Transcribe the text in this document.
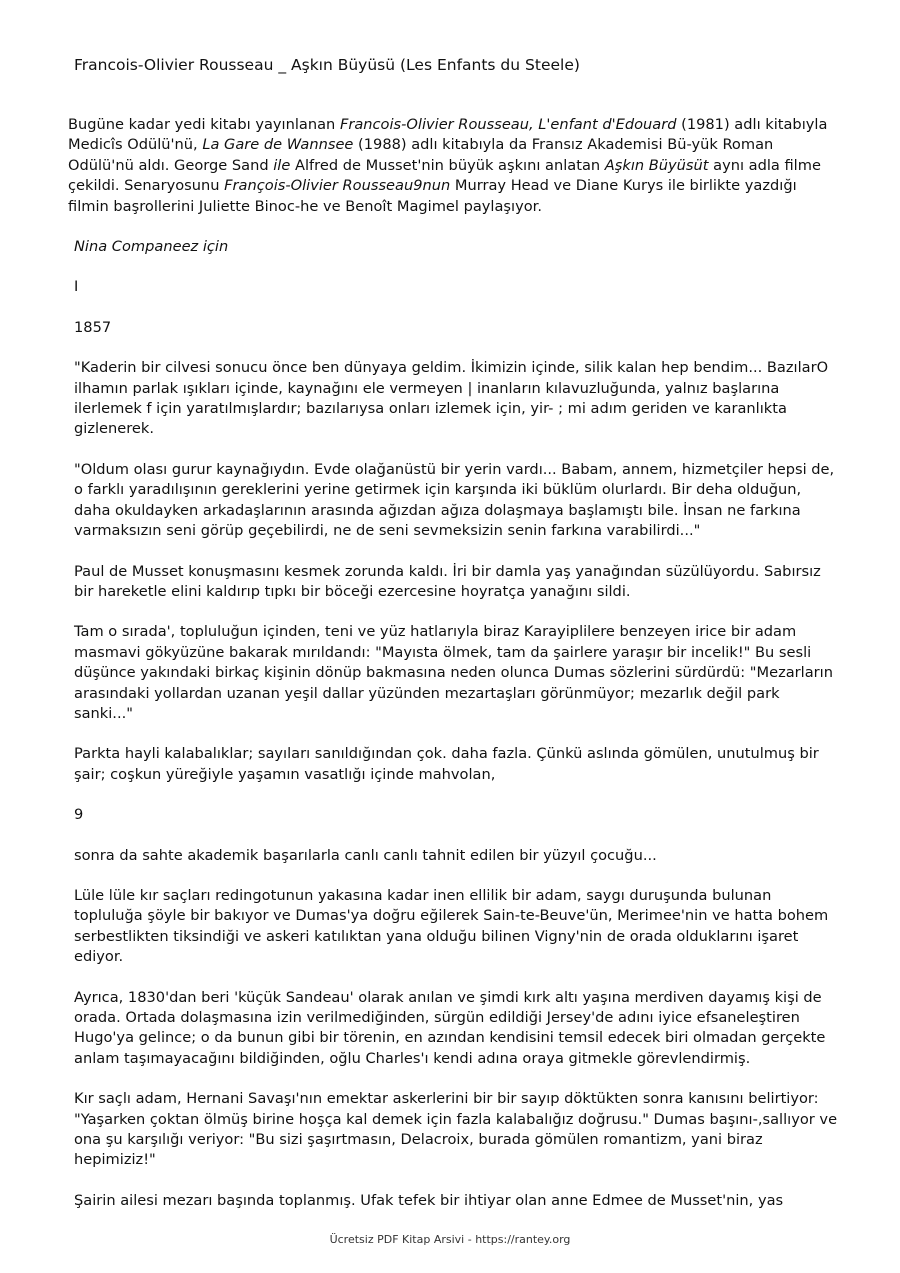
Francois-Olivier Rousseau _ Aşkın Büyüsü (Les Enfants du Steele)

Bugüne kadar yedi kitabı yayınlanan Francois-Olivier Rousseau, L'enfant d'Edouard (1981) adlı kitabıyla Medicîs Odülü'nü, La Gare de Wannsee (1988) adlı kitabıyla da Fransız Akademisi Bü-yük Roman Odülü'nü aldı. George Sand ile Alfred de Musset'nin büyük aşkını anlatan Aşkın Büyüsüt aynı adla filme çekildi. Senaryosunu François-Olivier Rousseau9nun Murray Head ve Diane Kurys ile birlikte yazdığı filmin başrollerini Juliette Binoc-he ve Benoît Magimel paylaşıyor.

Nina Companeez için

I

1857

"Kaderin bir cilvesi sonucu önce ben dünyaya geldim. İkimizin içinde, silik kalan hep bendim... BazılarO ilhamın parlak ışıkları içinde, kaynağını ele vermeyen | inanların kılavuzluğunda, yalnız başlarına ilerlemek f için yaratılmışlardır; bazılarıysa onları izlemek için, yir- ; mi adım geriden ve karanlıkta gizlenerek.

"Oldum olası gurur kaynağıydın. Evde olağanüstü bir yerin vardı... Babam, annem, hizmetçiler hepsi de, o farklı yaradılışının gereklerini yerine getirmek için karşında iki büklüm olurlardı. Bir deha olduğun, daha okuldayken arkadaşlarının arasında ağızdan ağıza dolaşmaya başlamıştı bile. İnsan ne farkına varmaksızın seni görüp geçebilirdi, ne de seni sevmeksizin senin farkına varabilirdi..."

Paul de Musset konuşmasını kesmek zorunda kaldı. İri bir damla yaş yanağından süzülüyordu. Sabırsız bir hareketle elini kaldırıp tıpkı bir böceği ezercesine hoyratça yanağını sildi.

Tam o sırada', topluluğun içinden, teni ve yüz hatlarıyla biraz Karayiplilere benzeyen irice bir adam masmavi gökyüzüne bakarak mırıldandı: "Mayısta ölmek, tam da şairlere yaraşır bir incelik!" Bu sesli düşünce yakındaki birkaç kişinin dönüp bakmasına neden olunca Dumas sözlerini sürdürdü: "Mezarların arasındaki yollardan uzanan yeşil dallar yüzünden mezartaşları görünmüyor; mezarlık değil park sanki..."

Parkta hayli kalabalıklar; sayıları sanıldığından çok. daha fazla. Çünkü aslında gömülen, unutulmuş bir şair; coşkun yüreğiyle yaşamın vasatlığı içinde mahvolan,

9

sonra da sahte akademik başarılarla canlı canlı tahnit edilen bir yüzyıl çocuğu...

Lüle lüle kır saçları redingotunun yakasına kadar inen ellilik bir adam, saygı duruşunda bulunan topluluğa şöyle bir bakıyor ve Dumas'ya doğru eğilerek Sain-te-Beuve'ün, Merimee'nin ve hatta bohem serbestlikten tiksindiği ve askeri katılıktan yana olduğu bilinen Vigny'nin de orada olduklarını işaret ediyor.

Ayrıca, 1830'dan beri 'küçük Sandeau' olarak anılan ve şimdi kırk altı yaşına merdiven dayamış kişi de orada. Ortada dolaşmasına izin verilmediğinden, sürgün edildiği Jersey'de adını iyice efsaneleştiren Hugo'ya gelince; o da bunun gibi bir törenin, en azından kendisini temsil edecek biri olmadan gerçekte anlam taşımayacağını bildiğinden, oğlu Charles'ı kendi adına oraya gitmekle görevlendirmiş.

Kır saçlı adam, Hernani Savaşı'nın emektar askerlerini bir bir sayıp döktükten sonra kanısını belirtiyor: "Yaşarken çoktan ölmüş birine hoşça kal demek için fazla kalabalığız doğrusu." Dumas başını-,sallıyor ve ona şu karşılığı veriyor: "Bu sizi şaşırtmasın, Delacroix, burada gömülen romantizm, yani biraz hepimiziz!"

Şairin ailesi mezarı başında toplanmış. Ufak tefek bir ihtiyar olan anne Edmee de Musset'nin, yas

Ücretsiz PDF Kitap Arsivi - https://rantey.org
